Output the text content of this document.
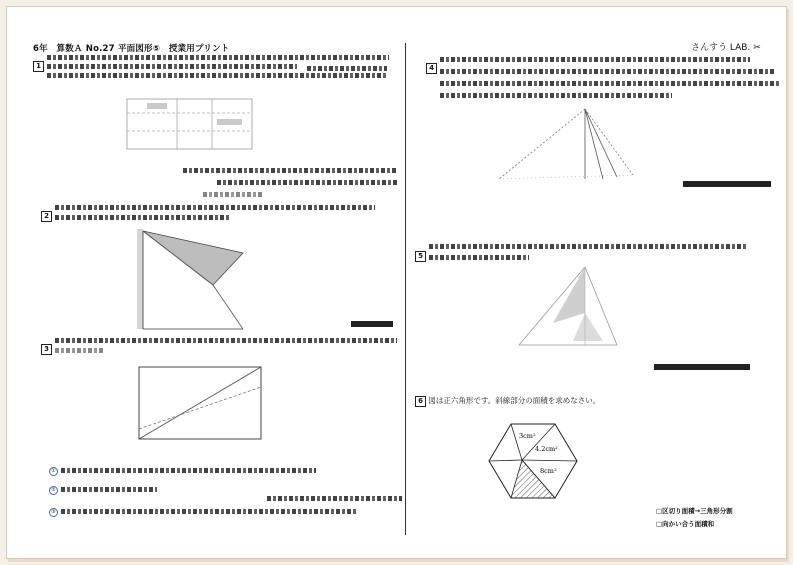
6年　算数Ａ No.27 平面図形⑤　授業用プリント	さんすう LAB. ✂
1
2
3
①
②
③
4
5
6 図は正六角形です。斜線部分の面積を求めなさい。
3cm²
4.2cm²
8cm²
□区切り面積→三角形分割
□向かい合う面積和
